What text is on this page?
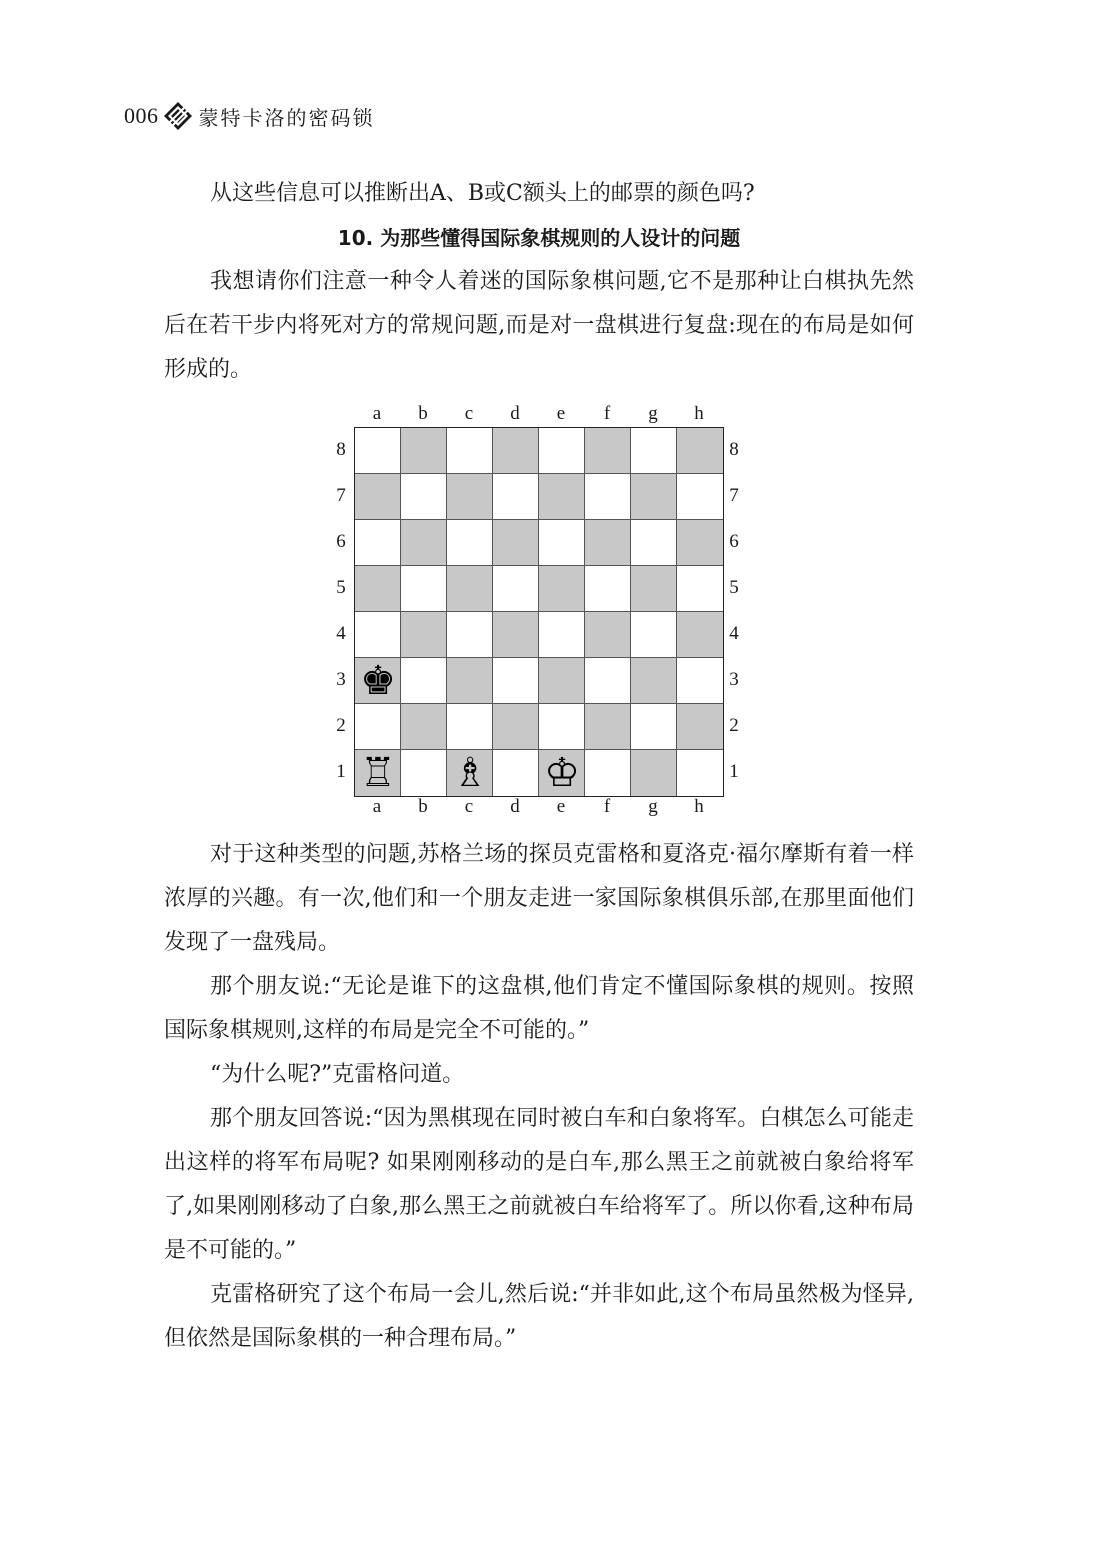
006 蒙特卡洛的密码锁

从这些信息可以推断出A、B或C额头上的邮票的颜色吗?

10. 为那些懂得国际象棋规则的人设计的问题

我想请你们注意一种令人着迷的国际象棋问题,它不是那种让白棋执先然后在若干步内将死对方的常规问题,而是对一盘棋进行复盘:现在的布局是如何形成的。

♚
♖ ♗ ♔
a
a
b
b
c
c
d
d
e
e
f
f
g
g
h
h
8	8
7	7
6	6
5	5
4	4
3	3
2	2
1	1

对于这种类型的问题,苏格兰场的探员克雷格和夏洛克·福尔摩斯有着一样浓厚的兴趣。有一次,他们和一个朋友走进一家国际象棋俱乐部,在那里面他们发现了一盘残局。

那个朋友说:“无论是谁下的这盘棋,他们肯定不懂国际象棋的规则。按照国际象棋规则,这样的布局是完全不可能的。”

“为什么呢?”克雷格问道。

那个朋友回答说:“因为黑棋现在同时被白车和白象将军。白棋怎么可能走出这样的将军布局呢? 如果刚刚移动的是白车,那么黑王之前就被白象给将军了,如果刚刚移动了白象,那么黑王之前就被白车给将军了。所以你看,这种布局是不可能的。”

克雷格研究了这个布局一会儿,然后说:“并非如此,这个布局虽然极为怪异,但依然是国际象棋的一种合理布局。”
